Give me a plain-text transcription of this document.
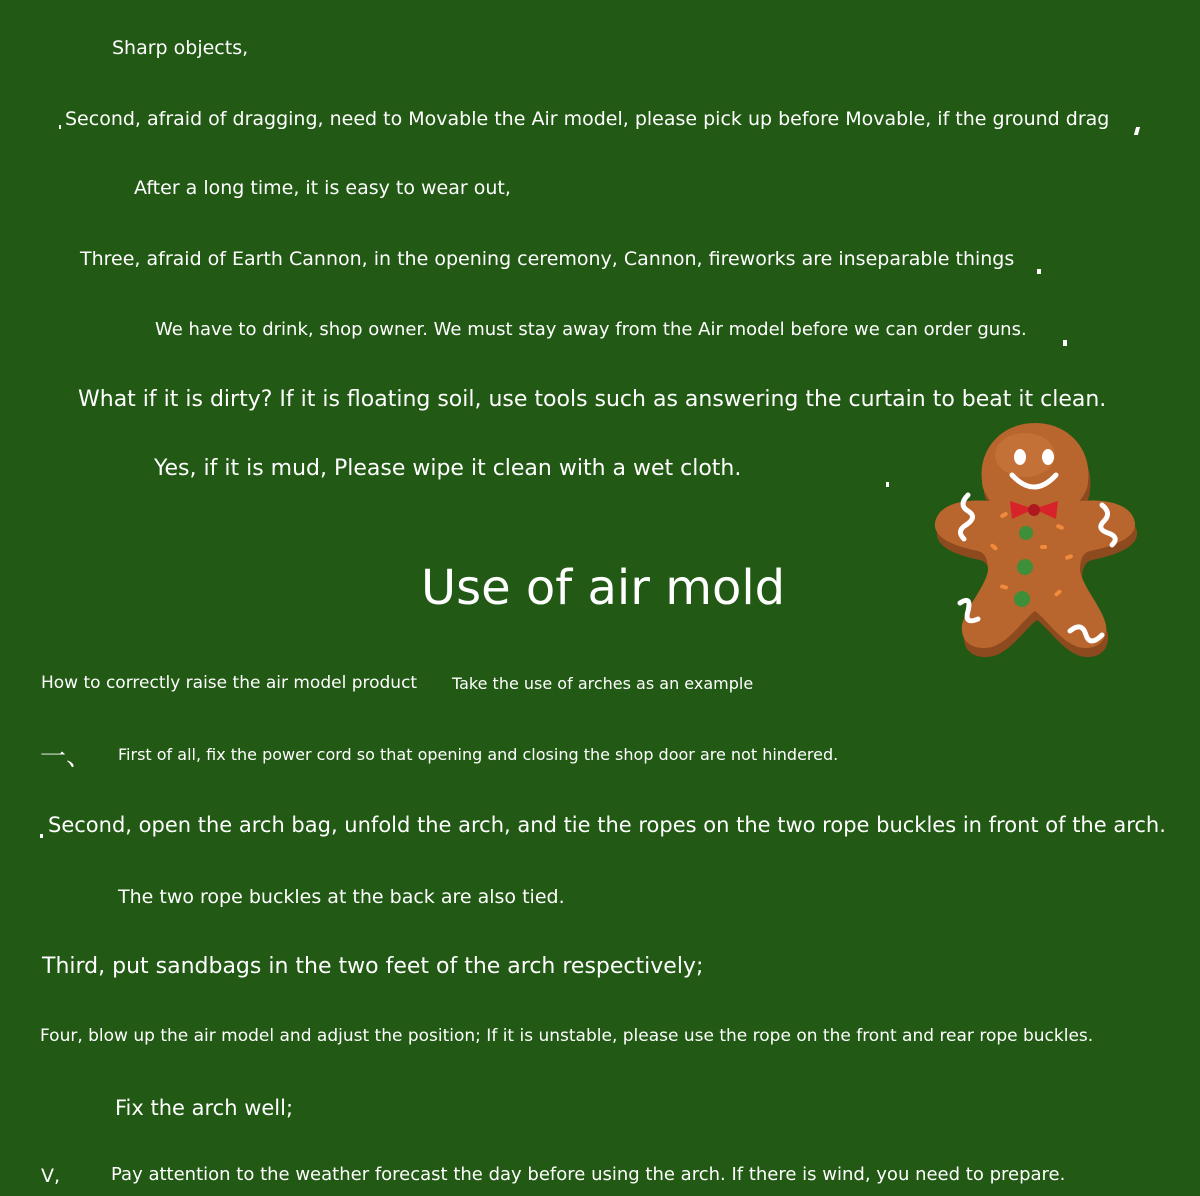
Sharp objects,
Second, afraid of dragging, need to Movable the Air model, please pick up before Movable, if the ground drag
After a long time, it is easy to wear out,
Three, afraid of Earth Cannon, in the opening ceremony, Cannon, fireworks are inseparable things
We have to drink, shop owner. We must stay away from the Air model before we can order guns.
What if it is dirty? If it is floating soil, use tools such as answering the curtain to beat it clean.
Yes, if it is mud, Please wipe it clean with a wet cloth.
Use of air mold
How to correctly raise the air model product Take the use of arches as an example
一、 First of all, fix the power cord so that opening and closing the shop door are not hindered.
Second, open the arch bag, unfold the arch, and tie the ropes on the two rope buckles in front of the arch.
The two rope buckles at the back are also tied.
Third, put sandbags in the two feet of the arch respectively;
Four, blow up the air model and adjust the position; If it is unstable, please use the rope on the front and rear rope buckles.
Fix the arch well;
V,	Pay attention to the weather forecast the day before using the arch. If there is wind, you need to prepare.
